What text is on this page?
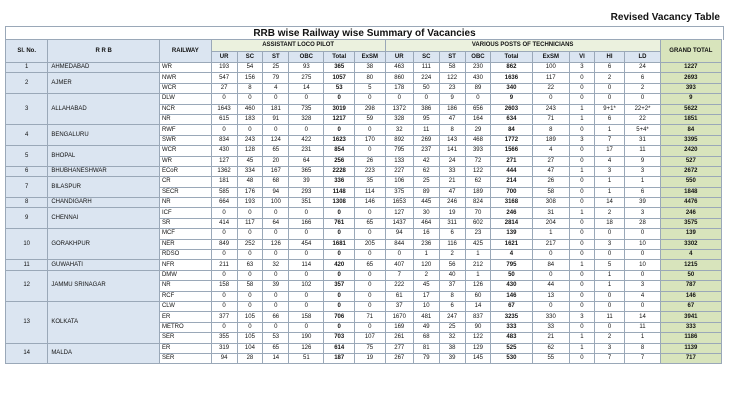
Revised Vacancy Table
RRB wise Railway wise Summary of Vacancies
Sl. No.	R R B	RAILWAY	ASSISTANT LOCO PILOT						VARIOUS POSTS OF TECHNICIANS									GRAND TOTAL
			UR	SC	ST	OBC	Total	ExSM	UR	SC	ST	OBC	Total	ExSM	VI	HI	LD	
1	AHMEDABAD	WR	193	54	25	93	365	38	463	111	58	230	862	100	3	6	24	1227
2	AJMER	NWR	547	156	79	275	1057	80	860	224	122	430	1636	117	0	2	6	2693
		WCR	27	8	4	14	53	5	178	50	23	89	340	22	0	0	2	393
3	ALLAHABAD	DLW	0	0	0	0	0	0	0	0	9	0	9	0	0	0	0	9
		NCR	1643	460	181	735	3019	298	1372	386	186	656	2603	243	1	9+1*	22+2*	5622
		NR	615	183	91	328	1217	59	328	95	47	164	634	71	1	6	22	1851
4	BENGALURU	RWF	0	0	0	0	0	0	32	11	8	29	84	8	0	1	5+4*	84
		SWR	834	243	124	422	1623	170	892	269	143	468	1772	189	3	7	31	3395
5	BHOPAL	WCR	430	128	65	231	854	0	795	237	141	393	1566	4	0	17	11	2420
		WR	127	45	20	64	256	26	133	42	24	72	271	27	0	4	9	527
6	BHUBHANESHWAR	ECoR	1362	334	167	365	2228	223	227	62	33	122	444	47	1	3	3	2672
7	BILASPUR	CR	181	48	68	39	336	35	106	25	21	62	214	26	0	1	1	550
		SECR	585	176	94	293	1148	114	375	89	47	189	700	58	0	1	6	1848
8	CHANDIGARH	NR	664	193	100	351	1308	146	1653	445	246	824	3168	308	0	14	39	4476
9	CHENNAI	ICF	0	0	0	0	0	0	127	30	19	70	246	31	1	2	3	246
		SR	414	117	64	166	761	65	1437	464	311	602	2814	204	0	18	28	3575
10	GORAKHPUR	MCF	0	0	0	0	0	0	94	16	6	23	139	1	0	0	0	139
		NER	849	252	126	454	1681	205	844	236	116	425	1621	217	0	3	10	3302
		RDSO	0	0	0	0	0	0	0	1	2	1	4	0	0	0	0	4
11	GUWAHATI	NFR	211	63	32	114	420	65	407	120	56	212	795	84	1	5	10	1215
12	JAMMU SRINAGAR	DMW	0	0	0	0	0	0	7	2	40	1	50	0	0	1	0	50
		NR	158	58	39	102	357	0	222	45	37	126	430	44	0	1	3	787
		RCF	0	0	0	0	0	0	61	17	8	60	146	13	0	0	4	146
13	KOLKATA	CLW	0	0	0	0	0	0	37	10	6	14	67	0	0	0	0	67
		ER	377	105	66	158	706	71	1670	481	247	837	3235	330	3	11	14	3941
		METRO	0	0	0	0	0	0	169	49	25	90	333	33	0	0	11	333
		SER	355	105	53	190	703	107	261	68	32	122	483	21	1	2	1	1186
14	MALDA	ER	319	104	65	126	614	75	277	81	38	129	525	62	1	3	8	1139
		SER	94	28	14	51	187	19	267	79	39	145	530	55	0	7	7	717
